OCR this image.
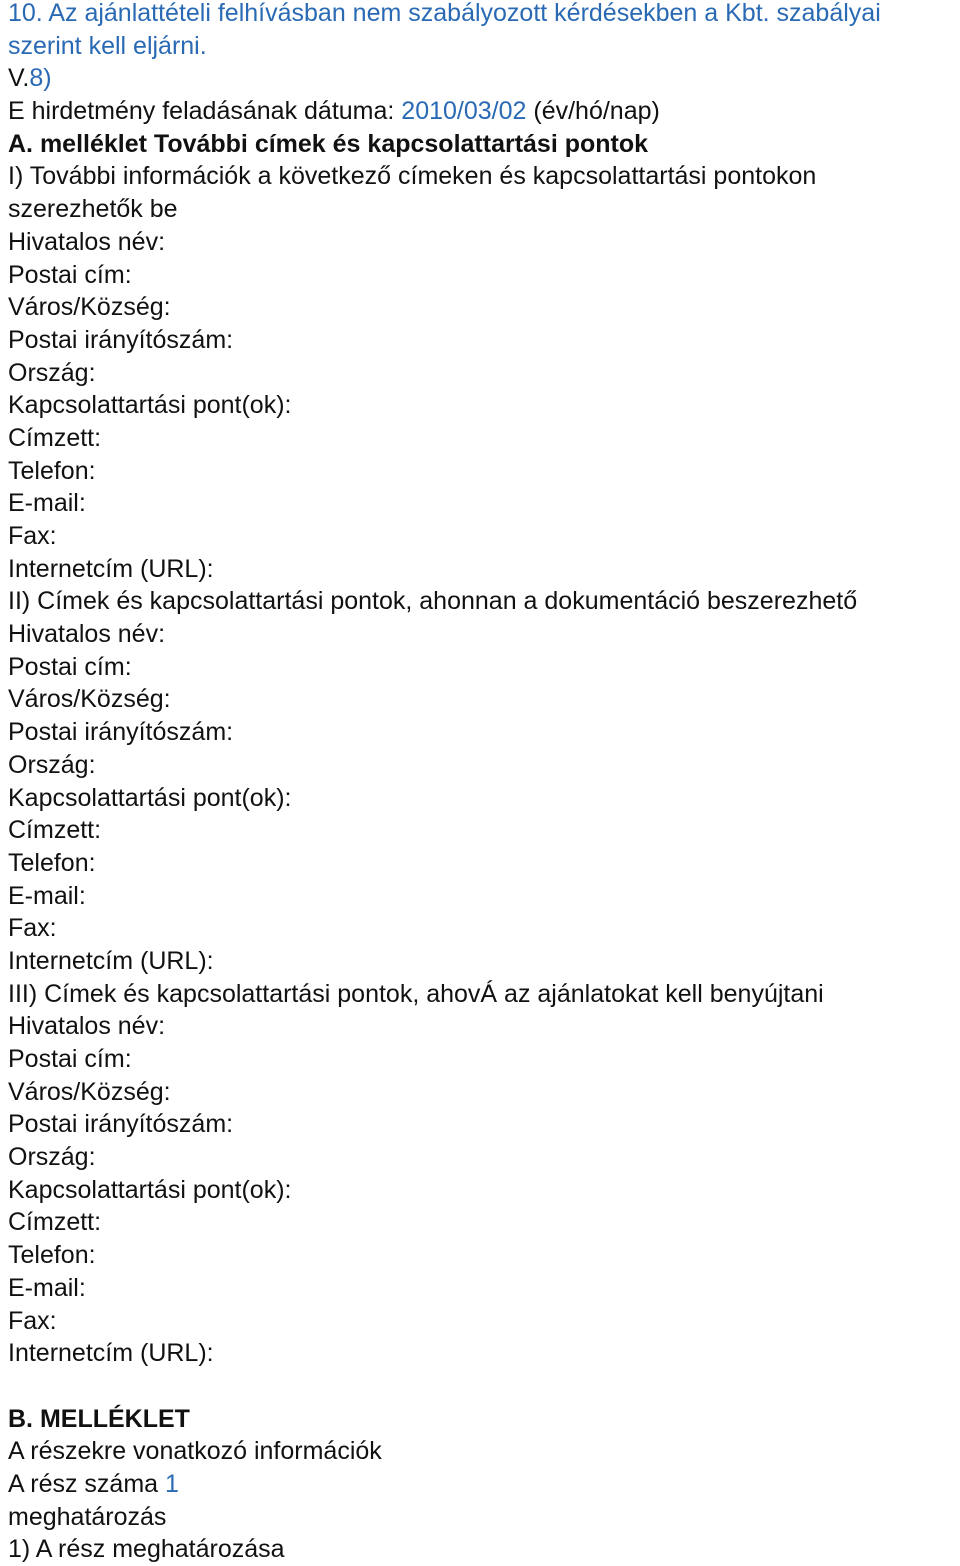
10. Az ajánlattételi felhívásban nem szabályozott kérdésekben a Kbt. szabályai
szerint kell eljárni.
V.8)
E hirdetmény feladásának dátuma: 2010/03/02 (év/hó/nap)
A. melléklet További címek és kapcsolattartási pontok
I) További információk a következő címeken és kapcsolattartási pontokon
szerezhetők be
Hivatalos név:
Postai cím:
Város/Község:
Postai irányítószám:
Ország:
Kapcsolattartási pont(ok):
Címzett:
Telefon:
E-mail:
Fax:
Internetcím (URL):
II) Címek és kapcsolattartási pontok, ahonnan a dokumentáció beszerezhető
Hivatalos név:
Postai cím:
Város/Község:
Postai irányítószám:
Ország:
Kapcsolattartási pont(ok):
Címzett:
Telefon:
E-mail:
Fax:
Internetcím (URL):
III) Címek és kapcsolattartási pontok, ahovÁ az ajánlatokat kell benyújtani
Hivatalos név:
Postai cím:
Város/Község:
Postai irányítószám:
Ország:
Kapcsolattartási pont(ok):
Címzett:
Telefon:
E-mail:
Fax:
Internetcím (URL):
B. MELLÉKLET
A részekre vonatkozó információk
A rész száma 1
meghatározás
1) A rész meghatározása
